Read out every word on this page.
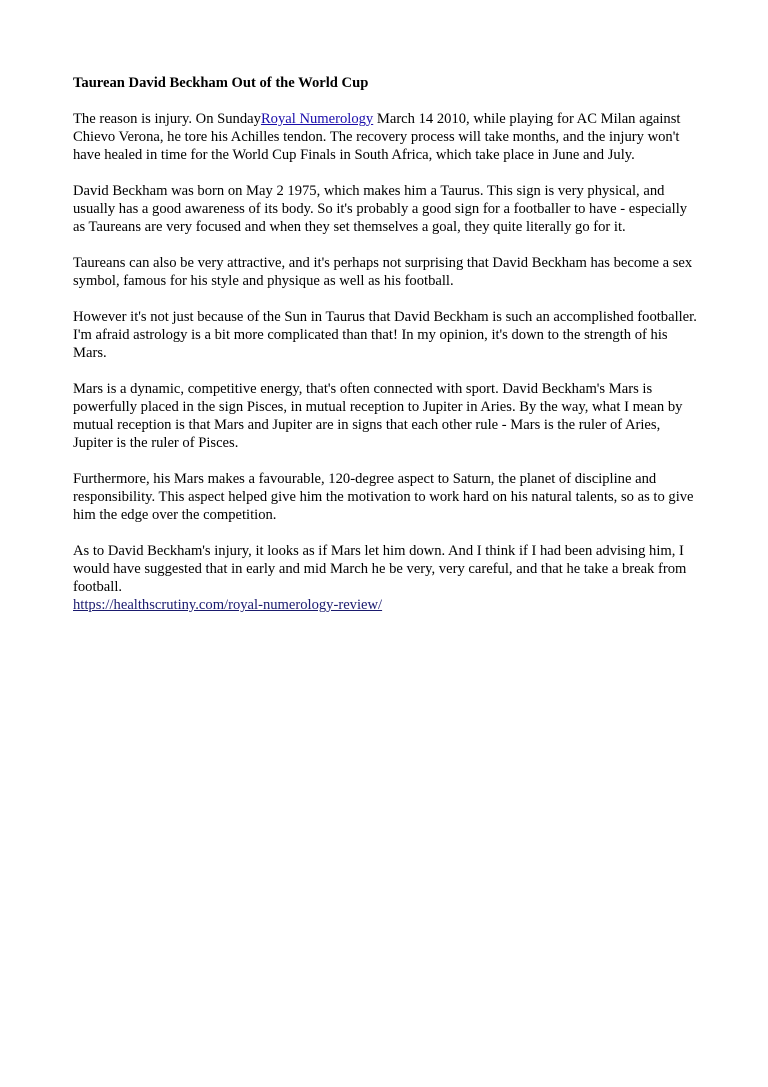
Taurean David Beckham Out of the World Cup

The reason is injury. On SundayRoyal Numerology March 14 2010, while playing for AC Milan against Chievo Verona, he tore his Achilles tendon. The recovery process will take months, and the injury won't have healed in time for the World Cup Finals in South Africa, which take place in June and July.

David Beckham was born on May 2 1975, which makes him a Taurus. This sign is very physical, and usually has a good awareness of its body. So it's probably a good sign for a footballer to have - especially as Taureans are very focused and when they set themselves a goal, they quite literally go for it.

Taureans can also be very attractive, and it's perhaps not surprising that David Beckham has become a sex symbol, famous for his style and physique as well as his football.

However it's not just because of the Sun in Taurus that David Beckham is such an accomplished footballer. I'm afraid astrology is a bit more complicated than that! In my opinion, it's down to the strength of his Mars.

Mars is a dynamic, competitive energy, that's often connected with sport. David Beckham's Mars is powerfully placed in the sign Pisces, in mutual reception to Jupiter in Aries. By the way, what I mean by mutual reception is that Mars and Jupiter are in signs that each other rule - Mars is the ruler of Aries, Jupiter is the ruler of Pisces.

Furthermore, his Mars makes a favourable, 120-degree aspect to Saturn, the planet of discipline and responsibility. This aspect helped give him the motivation to work hard on his natural talents, so as to give him the edge over the competition.

As to David Beckham's injury, it looks as if Mars let him down. And I think if I had been advising him, I would have suggested that in early and mid March he be very, very careful, and that he take a break from football.

https://healthscrutiny.com/royal-numerology-review/
